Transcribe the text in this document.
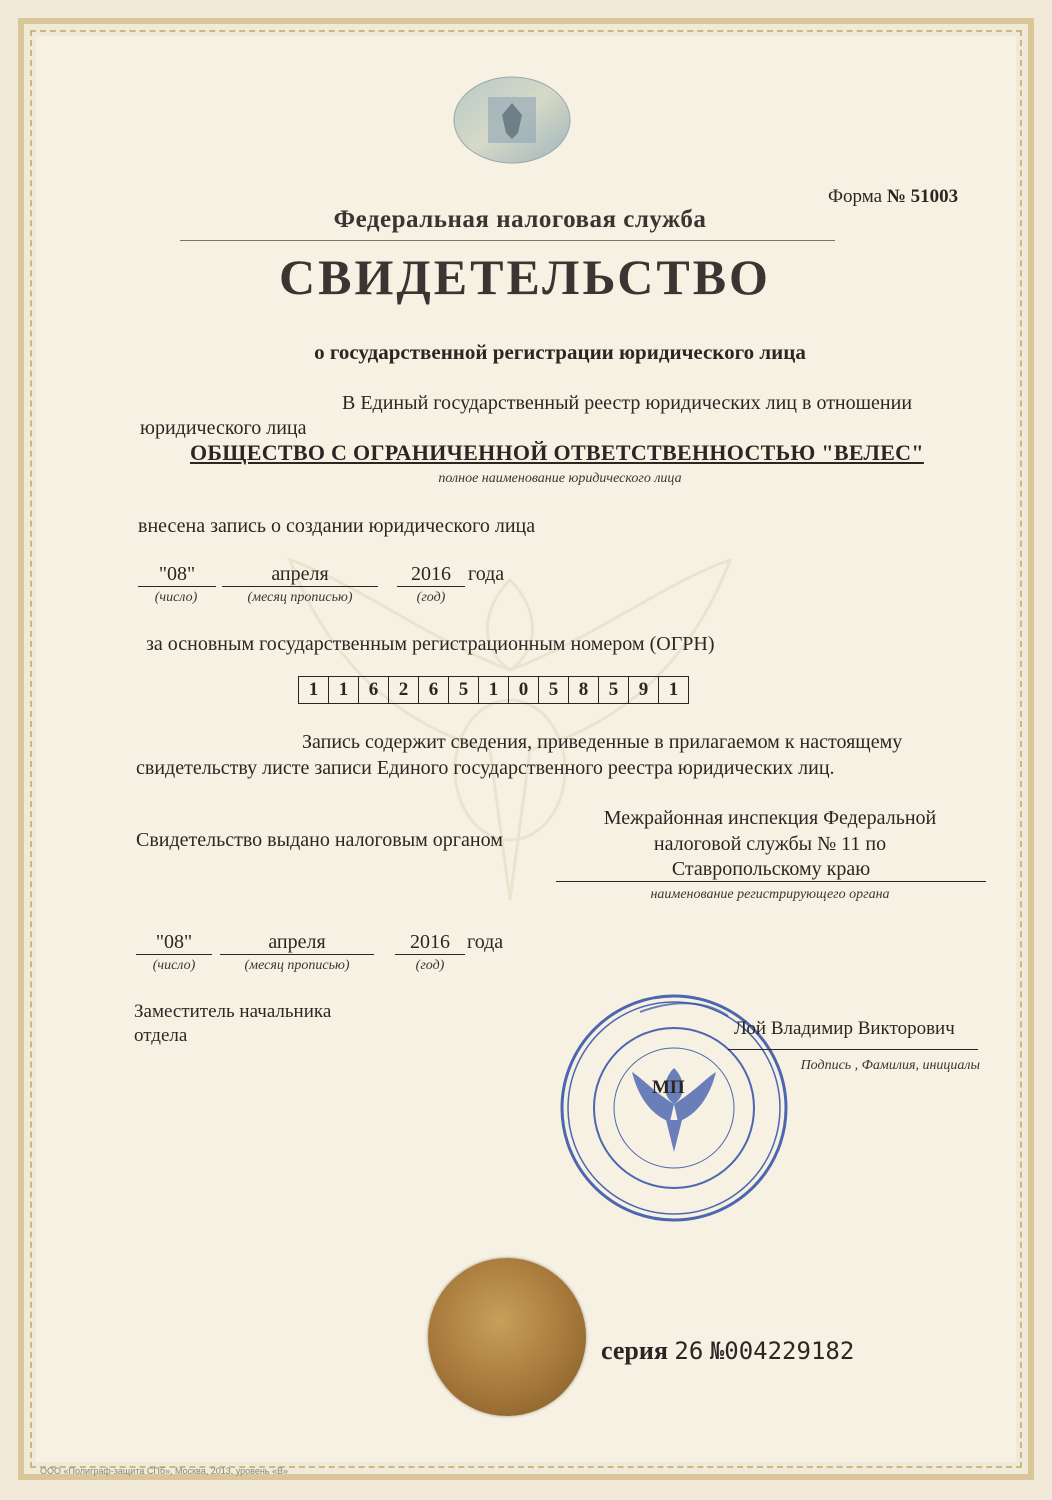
Форма № 51003
Федеральная налоговая служба
СВИДЕТЕЛЬСТВО
о государственной регистрации юридического лица
В Единый государственный реестр юридических лиц в отношении
юридического лица
ОБЩЕСТВО С ОГРАНИЧЕННОЙ ОТВЕТСТВЕННОСТЬЮ "ВЕЛЕС"
полное наименование юридического лица
внесена запись о создании юридического лица
"08"	апреля	2016 года
(число)	(месяц прописью)	(год)
за основным государственным регистрационным номером (ОГРН)
1	1	6	2	6	5	1	0	5	8	5	9	1
Запись содержит сведения, приведенные в прилагаемом к настоящему
свидетельству листе записи Единого государственного реестра юридических лиц.
Свидетельство выдано налоговым органом
Межрайонная инспекция Федеральной
налоговой службы № 11 по
Ставропольскому краю
наименование регистрирующего органа
"08"	апреля	2016 года
(число)	(месяц прописью)	(год)
Заместитель начальника
отдела	Лой Владимир Викторович
Подпись , Фамилия, инициалы
МП
серия 26 №004229182
ООО «Полиграф-защита СПб», Москва, 2013, уровень «В»
